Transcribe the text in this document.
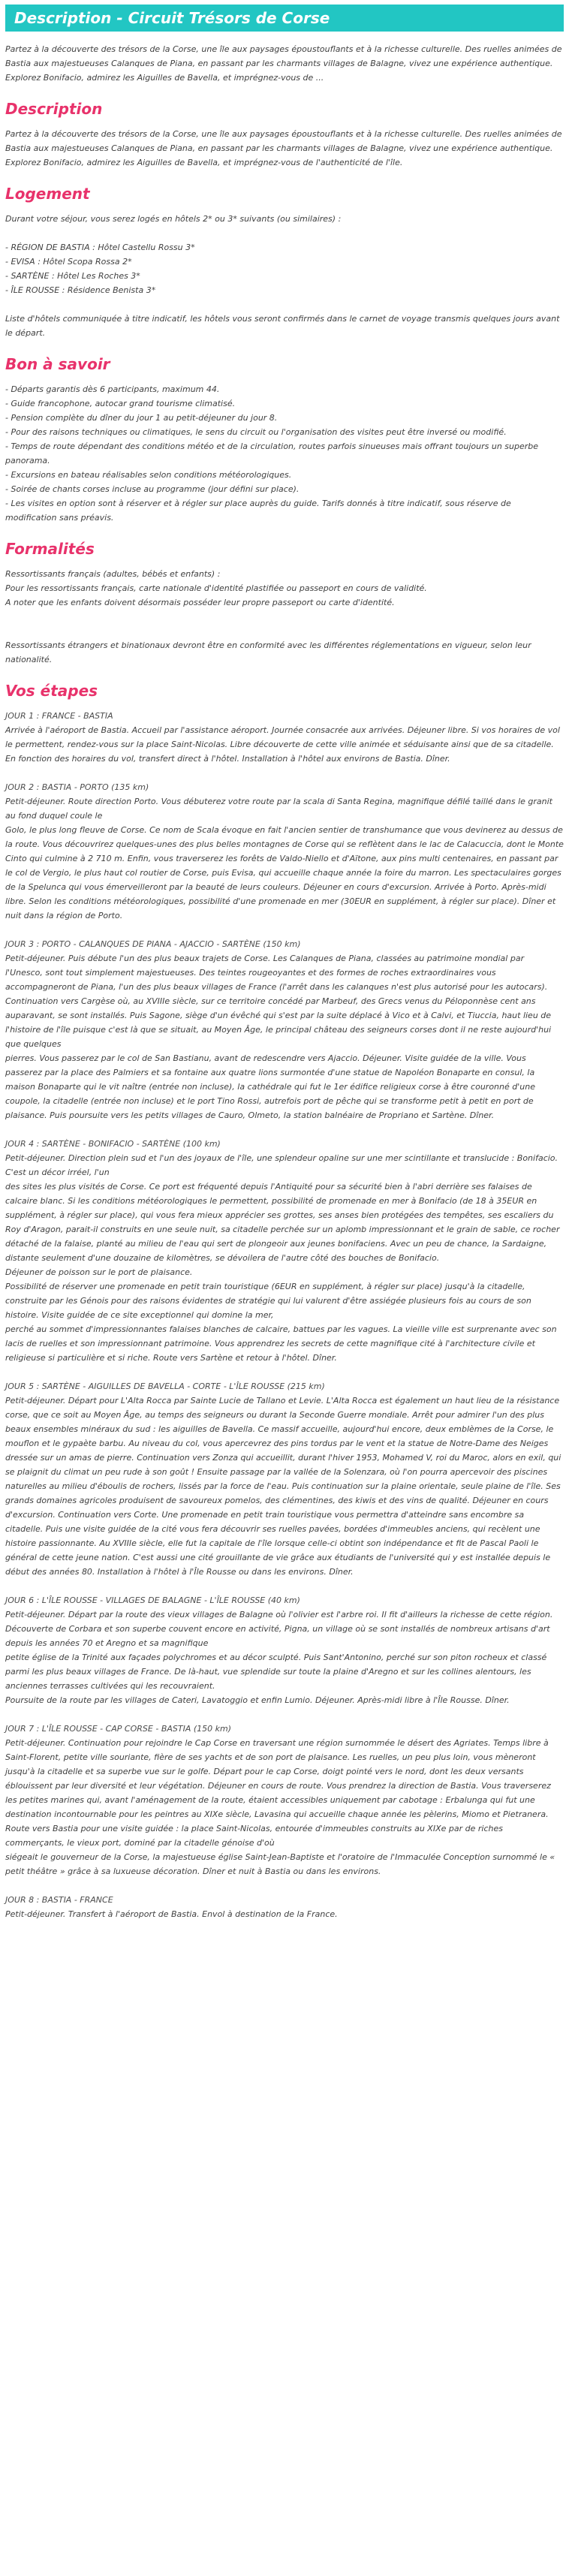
Description - Circuit Trésors de Corse

Partez à la découverte des trésors de la Corse, une île aux paysages époustouflants et à la richesse culturelle. Des ruelles animées de Bastia aux majestueuses Calanques de Piana, en passant par les charmants villages de Balagne, vivez une expérience authentique. Explorez Bonifacio, admirez les Aiguilles de Bavella, et imprégnez-vous de ...

Description

Partez à la découverte des trésors de la Corse, une île aux paysages époustouflants et à la richesse culturelle. Des ruelles animées de Bastia aux majestueuses Calanques de Piana, en passant par les charmants villages de Balagne, vivez une expérience authentique. Explorez Bonifacio, admirez les Aiguilles de Bavella, et imprégnez-vous de l'authenticité de l'île.

Logement
Durant votre séjour, vous serez logés en hôtels 2* ou 3* suivants (ou similaires) :
- RÉGION DE BASTIA : Hôtel Castellu Rossu 3*
- EVISA : Hôtel Scopa Rossa 2*
- SARTÈNE : Hôtel Les Roches 3*
- ÎLE ROUSSE : Résidence Benista 3*
Liste d'hôtels communiquée à titre indicatif, les hôtels vous seront confirmés dans le carnet de voyage transmis quelques jours avant le départ.
Bon à savoir
- Départs garantis dès 6 participants, maximum 44.
- Guide francophone, autocar grand tourisme climatisé.
- Pension complète du dîner du jour 1 au petit-déjeuner du jour 8.
- Pour des raisons techniques ou climatiques, le sens du circuit ou l'organisation des visites peut être inversé ou modifié.
- Temps de route dépendant des conditions météo et de la circulation, routes parfois sinueuses mais offrant toujours un superbe panorama.
- Excursions en bateau réalisables selon conditions météorologiques.
- Soirée de chants corses incluse au programme (jour défini sur place).
- Les visites en option sont à réserver et à régler sur place auprès du guide. Tarifs donnés à titre indicatif, sous réserve de modification sans préavis.
Formalités
Ressortissants français (adultes, bébés et enfants) :
Pour les ressortissants français, carte nationale d'identité plastifiée ou passeport en cours de validité.
A noter que les enfants doivent désormais posséder leur propre passeport ou carte d'identité.
Ressortissants étrangers et binationaux devront être en conformité avec les différentes réglementations en vigueur, selon leur nationalité.
Vos étapes
JOUR 1 : FRANCE - BASTIA

Arrivée à l'aéroport de Bastia. Accueil par l'assistance aéroport. Journée consacrée aux arrivées. Déjeuner libre. Si vos horaires de vol le permettent, rendez-vous sur la place Saint-Nicolas. Libre découverte de cette ville animée et séduisante ainsi que de sa citadelle. En fonction des horaires du vol, transfert direct à l'hôtel. Installation à l'hôtel aux environs de Bastia. Dîner.

JOUR 2 : BASTIA - PORTO (135 km)

Petit-déjeuner. Route direction Porto. Vous débuterez votre route par la scala di Santa Regina, magnifique défilé taillé dans le granit au fond duquel coule le
Golo, le plus long fleuve de Corse. Ce nom de Scala évoque en fait l'ancien sentier de transhumance que vous devinerez au dessus de la route. Vous découvrirez quelques-unes des plus belles montagnes de Corse qui se reflètent dans le lac de Calacuccia, dont le Monte Cinto qui culmine à 2 710 m. Enfin, vous traverserez les forêts de Valdo-Niello et d'Aïtone, aux pins multi centenaires, en passant par le col de Vergio, le plus haut col routier de Corse, puis Evisa, qui accueille chaque année la foire du marron. Les spectaculaires gorges de la Spelunca qui vous émerveilleront par la beauté de leurs couleurs. Déjeuner en cours d'excursion. Arrivée à Porto. Après-midi libre. Selon les conditions météorologiques, possibilité d'une promenade en mer (30EUR en supplément, à régler sur place). Dîner et nuit dans la région de Porto.

JOUR 3 : PORTO - CALANQUES DE PIANA - AJACCIO - SARTÈNE (150 km)

Petit-déjeuner. Puis débute l'un des plus beaux trajets de Corse. Les Calanques de Piana, classées au patrimoine mondial par l'Unesco, sont tout simplement majestueuses. Des teintes rougeoyantes et des formes de roches extraordinaires vous accompagneront de Piana, l'un des plus beaux villages de France (l'arrêt dans les calanques n'est plus autorisé pour les autocars). Continuation vers Cargèse où, au XVIIIe siècle, sur ce territoire concédé par Marbeuf, des Grecs venus du Péloponnèse cent ans auparavant, se sont installés. Puis Sagone, siège d'un évêché qui s'est par la suite déplacé à Vico et à Calvi, et Tiuccia, haut lieu de l'histoire de l'île puisque c'est là que se situait, au Moyen Âge, le principal château des seigneurs corses dont il ne reste aujourd'hui que quelques
pierres. Vous passerez par le col de San Bastianu, avant de redescendre vers Ajaccio. Déjeuner. Visite guidée de la ville. Vous passerez par la place des Palmiers et sa fontaine aux quatre lions surmontée d'une statue de Napoléon Bonaparte en consul, la maison Bonaparte qui le vit naître (entrée non incluse), la cathédrale qui fut le 1er édifice religieux corse à être couronné d'une coupole, la citadelle (entrée non incluse) et le port Tino Rossi, autrefois port de pêche qui se transforme petit à petit en port de plaisance. Puis poursuite vers les petits villages de Cauro, Olmeto, la station balnéaire de Propriano et Sartène. Dîner.

JOUR 4 : SARTÈNE - BONIFACIO - SARTÈNE (100 km)

Petit-déjeuner. Direction plein sud et l'un des joyaux de l'île, une splendeur opaline sur une mer scintillante et translucide : Bonifacio. C'est un décor irréel, l'un
des sites les plus visités de Corse. Ce port est fréquenté depuis l'Antiquité pour sa sécurité bien à l'abri derrière ses falaises de calcaire blanc. Si les conditions météorologiques le permettent, possibilité de promenade en mer à Bonifacio (de 18 à 35EUR en supplément, à régler sur place), qui vous fera mieux apprécier ses grottes, ses anses bien protégées des tempêtes, ses escaliers du Roy d'Aragon, parait-il construits en une seule nuit, sa citadelle perchée sur un aplomb impressionnant et le grain de sable, ce rocher détaché de la falaise, planté au milieu de l'eau qui sert de plongeoir aux jeunes bonifaciens. Avec un peu de chance, la Sardaigne, distante seulement d'une douzaine de kilomètres, se dévoilera de l'autre côté des bouches de Bonifacio.
Déjeuner de poisson sur le port de plaisance.
Possibilité de réserver une promenade en petit train touristique (6EUR en supplément, à régler sur place) jusqu'à la citadelle, construite par les Génois pour des raisons évidentes de stratégie qui lui valurent d'être assiégée plusieurs fois au cours de son histoire. Visite guidée de ce site exceptionnel qui domine la mer,
perché au sommet d'impressionnantes falaises blanches de calcaire, battues par les vagues. La vieille ville est surprenante avec son lacis de ruelles et son impressionnant patrimoine. Vous apprendrez les secrets de cette magnifique cité à l'architecture civile et religieuse si particulière et si riche. Route vers Sartène et retour à l'hôtel. Dîner.

JOUR 5 : SARTÈNE - AIGUILLES DE BAVELLA - CORTE - L'ÎLE ROUSSE (215 km)

Petit-déjeuner. Départ pour L'Alta Rocca par Sainte Lucie de Tallano et Levie. L'Alta Rocca est également un haut lieu de la résistance corse, que ce soit au Moyen Âge, au temps des seigneurs ou durant la Seconde Guerre mondiale. Arrêt pour admirer l'un des plus beaux ensembles minéraux du sud : les aiguilles de Bavella. Ce massif accueille, aujourd'hui encore, deux emblèmes de la Corse, le mouflon et le gypaète barbu. Au niveau du col, vous apercevrez des pins tordus par le vent et la statue de Notre-Dame des Neiges dressée sur un amas de pierre. Continuation vers Zonza qui accueillit, durant l'hiver 1953, Mohamed V, roi du Maroc, alors en exil, qui se plaignit du climat un peu rude à son goût ! Ensuite passage par la vallée de la Solenzara, où l'on pourra apercevoir des piscines naturelles au milieu d'éboulis de rochers, lissés par la force de l'eau. Puis continuation sur la plaine orientale, seule plaine de l'île. Ses grands domaines agricoles produisent de savoureux pomelos, des clémentines, des kiwis et des vins de qualité. Déjeuner en cours d'excursion. Continuation vers Corte. Une promenade en petit train touristique vous permettra d'atteindre sans encombre sa citadelle. Puis une visite guidée de la cité vous fera découvrir ses ruelles pavées, bordées d'immeubles anciens, qui recèlent une histoire passionnante. Au XVIIIe siècle, elle fut la capitale de l'île lorsque celle-ci obtint son indépendance et fit de Pascal Paoli le général de cette jeune nation. C'est aussi une cité grouillante de vie grâce aux étudiants de l'université qui y est installée depuis le début des années 80. Installation à l'hôtel à l'Île Rousse ou dans les environs. Dîner.

JOUR 6 : L'ÎLE ROUSSE - VILLAGES DE BALAGNE - L'ÎLE ROUSSE (40 km)

Petit-déjeuner. Départ par la route des vieux villages de Balagne où l'olivier est l'arbre roi. Il fit d'ailleurs la richesse de cette région. Découverte de Corbara et son superbe couvent encore en activité, Pigna, un village où se sont installés de nombreux artisans d'art depuis les années 70 et Aregno et sa magnifique
petite église de la Trinité aux façades polychromes et au décor sculpté. Puis Sant'Antonino, perché sur son piton rocheux et classé parmi les plus beaux villages de France. De là-haut, vue splendide sur toute la plaine d'Aregno et sur les collines alentours, les anciennes terrasses cultivées qui les recouvraient.
Poursuite de la route par les villages de Cateri, Lavatoggio et enfin Lumio. Déjeuner. Après-midi libre à l'Île Rousse. Dîner.

JOUR 7 : L'ÎLE ROUSSE - CAP CORSE - BASTIA (150 km)

Petit-déjeuner. Continuation pour rejoindre le Cap Corse en traversant une région surnommée le désert des Agriates. Temps libre à Saint-Florent, petite ville souriante, fière de ses yachts et de son port de plaisance. Les ruelles, un peu plus loin, vous mèneront jusqu'à la citadelle et sa superbe vue sur le golfe. Départ pour le cap Corse, doigt pointé vers le nord, dont les deux versants éblouissent par leur diversité et leur végétation. Déjeuner en cours de route. Vous prendrez la direction de Bastia. Vous traverserez les petites marines qui, avant l'aménagement de la route, étaient accessibles uniquement par cabotage : Erbalunga qui fut une destination incontournable pour les peintres au XIXe siècle, Lavasina qui accueille chaque année les pèlerins, Miomo et Pietranera. Route vers Bastia pour une visite guidée : la place Saint-Nicolas, entourée d'immeubles construits au XIXe par de riches commerçants, le vieux port, dominé par la citadelle génoise d'où
siégeait le gouverneur de la Corse, la majestueuse église Saint-Jean-Baptiste et l'oratoire de l'Immaculée Conception surnommé le « petit théâtre » grâce à sa luxueuse décoration. Dîner et nuit à Bastia ou dans les environs.

JOUR 8 : BASTIA - FRANCE

Petit-déjeuner. Transfert à l'aéroport de Bastia. Envol à destination de la France.
